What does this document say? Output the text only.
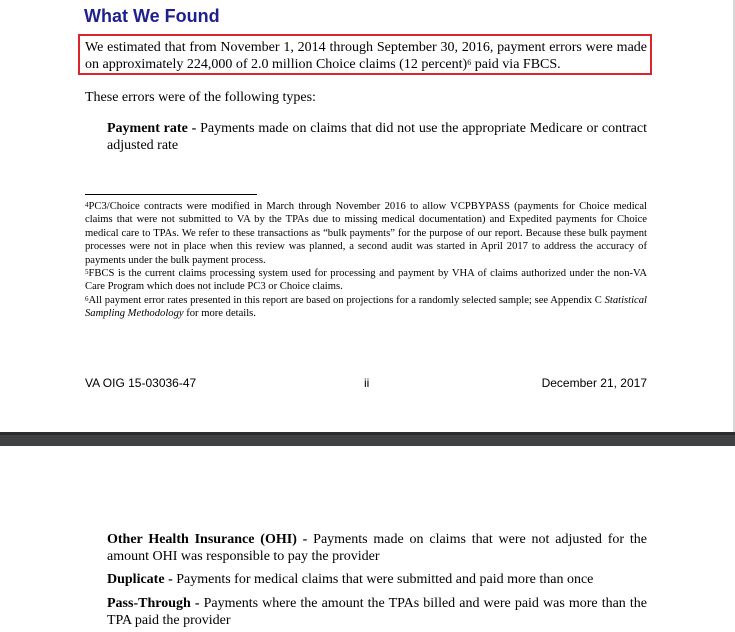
What We Found

We estimated that from November 1, 2014 through September 30, 2016, payment errors were made on approximately 224,000 of 2.0 million Choice claims (12 percent)$^6$ paid via FBCS.

These errors were of the following types:

Payment rate - Payments made on claims that did not use the appropriate Medicare or contract adjusted rate

$^4$PC3/Choice contracts were modified in March through November 2016 to allow VCPBYPASS (payments for Choice medical claims that were not submitted to VA by the TPAs due to missing medical documentation) and Expedited payments for Choice medical care to TPAs. We refer to these transactions as “bulk payments” for the purpose of our report. Because these bulk payment processes were not in place when this review was planned, a second audit was started in April 2017 to address the accuracy of payments under the bulk payment process.

$^5$FBCS is the current claims processing system used for processing and payment by VHA of claims authorized under the non-VA Care Program which does not include PC3 or Choice claims.

$^6$All payment error rates presented in this report are based on projections for a randomly selected sample; see Appendix C Statistical Sampling Methodology for more details.

VA OIG 15-03036-47	ii	December 21, 2017

Other Health Insurance (OHI) - Payments made on claims that were not adjusted for the amount OHI was responsible to pay the provider

Duplicate - Payments for medical claims that were submitted and paid more than once

Pass-Through - Payments where the amount the TPAs billed and were paid was more than the TPA paid the provider
